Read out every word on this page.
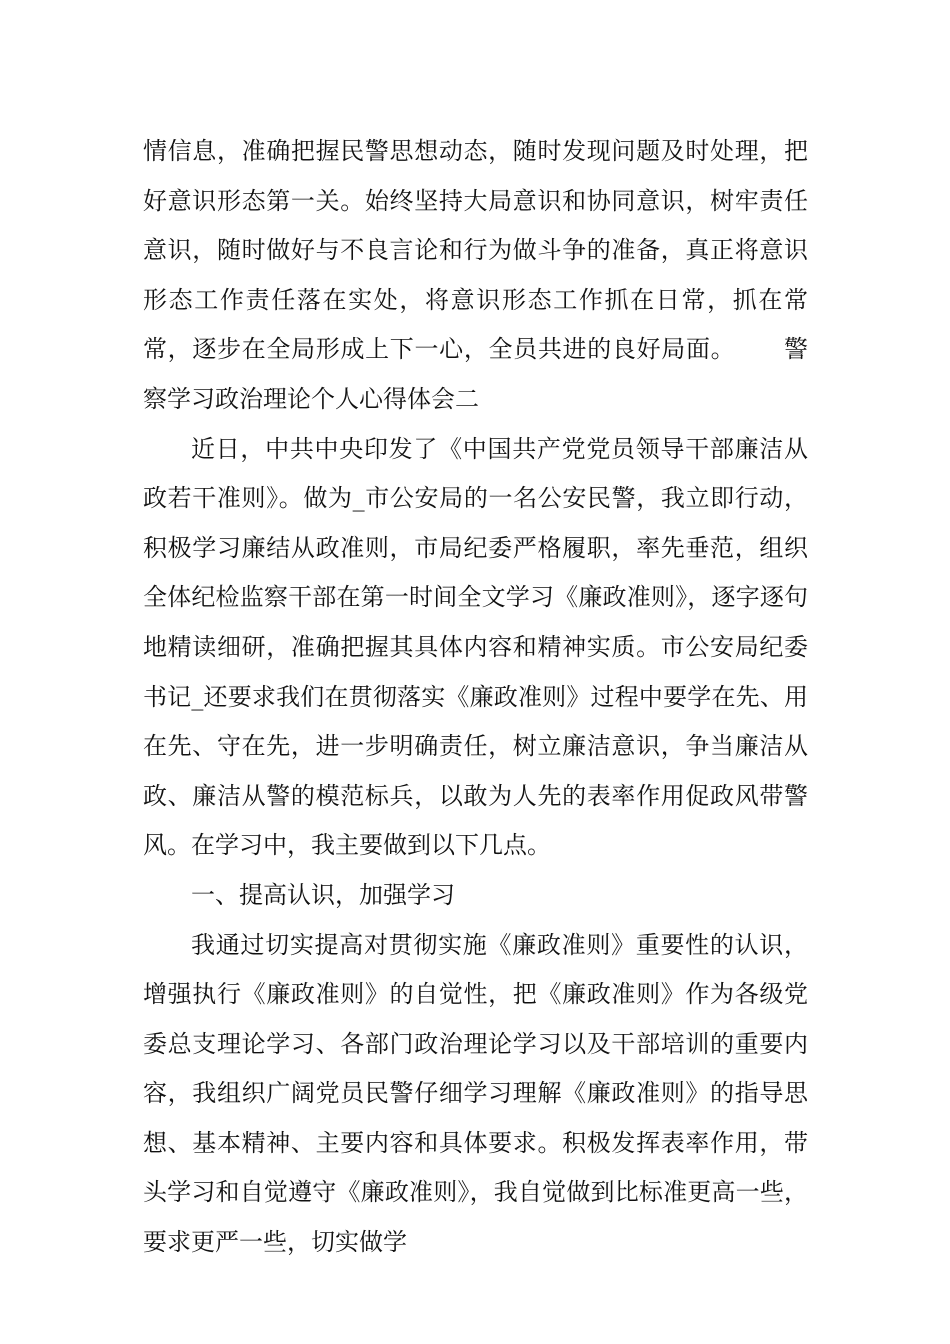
情信息，准确把握民警思想动态，随时发现问题及时处理，把好意识形态第一关。始终坚持大局意识和协同意识，树牢责任意识，随时做好与不良言论和行为做斗争的准备，真正将意识形态工作责任落在实处，将意识形态工作抓在日常，抓在常常，逐步在全局形成上下一心，全员共进的良好局面。 警察学习政治理论个人心得体会二

近日，中共中央印发了《中国共产党党员领导干部廉洁从政若干准则》。做为_市公安局的一名公安民警，我立即行动，积极学习廉结从政准则，市局纪委严格履职，率先垂范，组织全体纪检监察干部在第一时间全文学习《廉政准则》，逐字逐句地精读细研，准确把握其具体内容和精神实质。市公安局纪委书记_还要求我们在贯彻落实《廉政准则》过程中要学在先、用在先、守在先，进一步明确责任，树立廉洁意识，争当廉洁从政、廉洁从警的模范标兵，以敢为人先的表率作用促政风带警风。在学习中，我主要做到以下几点。

一、提高认识，加强学习

我通过切实提高对贯彻实施《廉政准则》重要性的认识，增强执行《廉政准则》的自觉性，把《廉政准则》作为各级党委总支理论学习、各部门政治理论学习以及干部培训的重要内容，我组织广阔党员民警仔细学习理解《廉政准则》的指导思想、基本精神、主要内容和具体要求。积极发挥表率作用，带头学习和自觉遵守《廉政准则》，我自觉做到比标准更高一些，要求更严一些，切实做学
